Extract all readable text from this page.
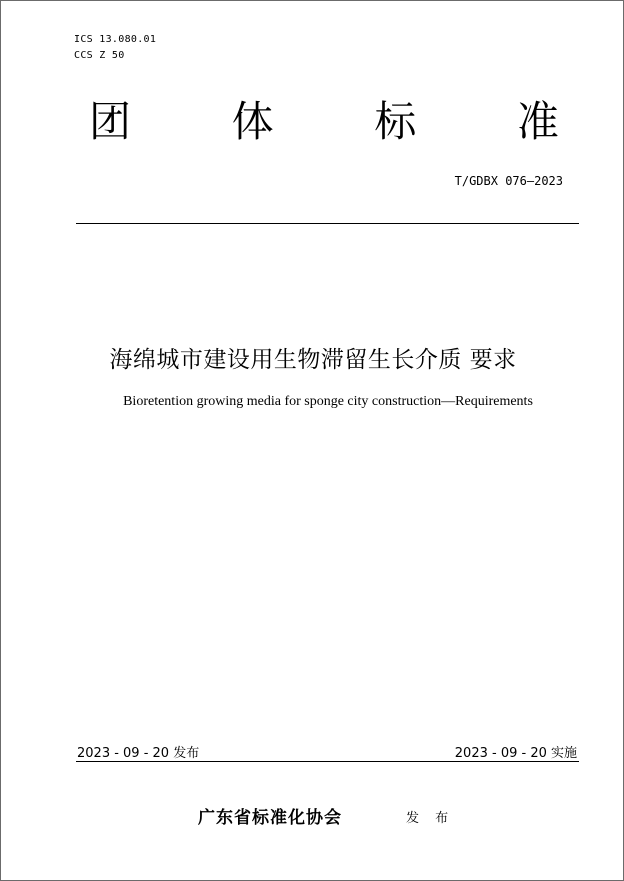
ICS 13.080.01
CCS Z 50
团 体 标 准
T/GDBX 076—2023
海绵城市建设用生物滞留生长介质 要求
Bioretention growing media for sponge city construction—Requirements
2023 - 09 - 20 发布	2023 - 09 - 20 实施
广东省标准化协会	发 布
